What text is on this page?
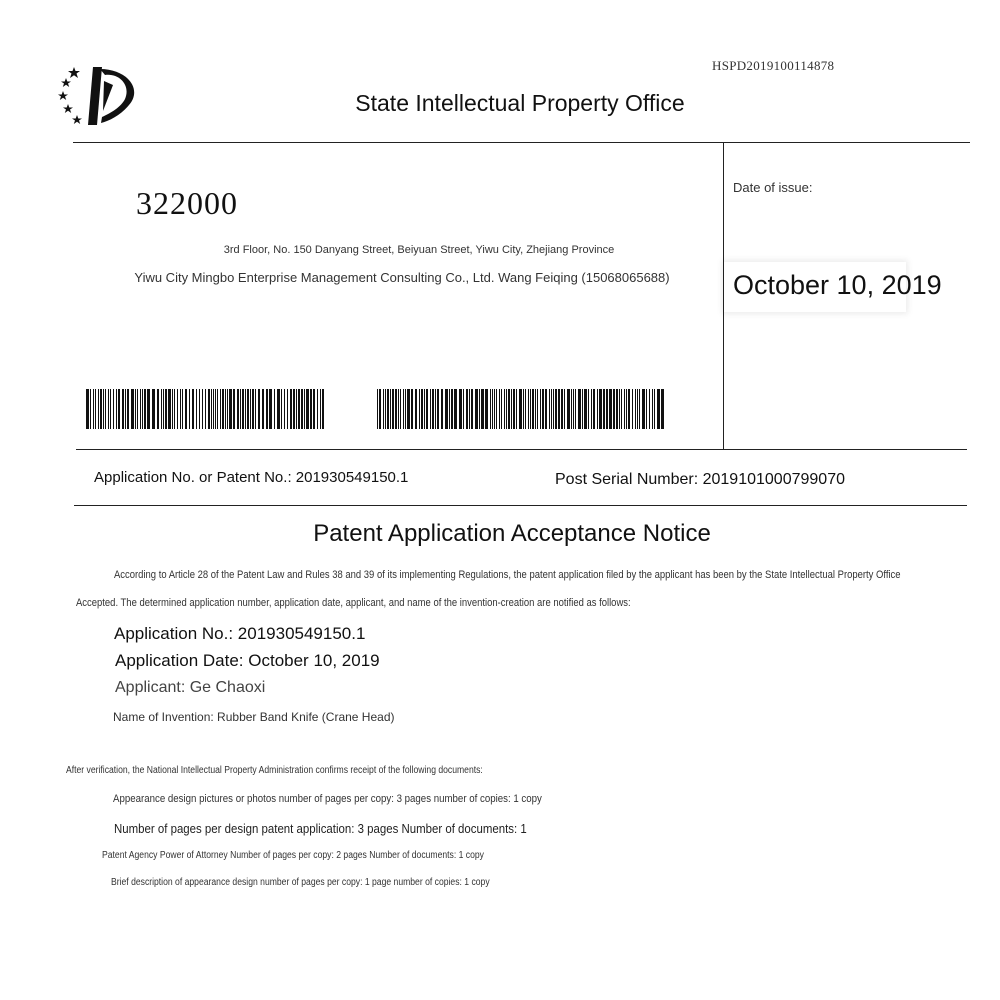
HSPD2019100114878
State Intellectual Property Office
322000
3rd Floor, No. 150 Danyang Street, Beiyuan Street, Yiwu City, Zhejiang Province
Yiwu City Mingbo Enterprise Management Consulting Co., Ltd. Wang Feiqing (15068065688)
Date of issue:
October 10, 2019
Application No. or Patent No.: 201930549150.1	Post Serial Number: 2019101000799070
Patent Application Acceptance Notice
According to Article 28 of the Patent Law and Rules 38 and 39 of its implementing Regulations, the patent application filed by the applicant has been by the State Intellectual Property Office
Accepted. The determined application number, application date, applicant, and name of the invention-creation are notified as follows:
Application No.: 201930549150.1
Application Date: October 10, 2019
Applicant: Ge Chaoxi
Name of Invention: Rubber Band Knife (Crane Head)
After verification, the National Intellectual Property Administration confirms receipt of the following documents:
Appearance design pictures or photos number of pages per copy: 3 pages number of copies: 1 copy
Number of pages per design patent application: 3 pages Number of documents: 1
Patent Agency Power of Attorney Number of pages per copy: 2 pages Number of documents: 1 copy
Brief description of appearance design number of pages per copy: 1 page number of copies: 1 copy
